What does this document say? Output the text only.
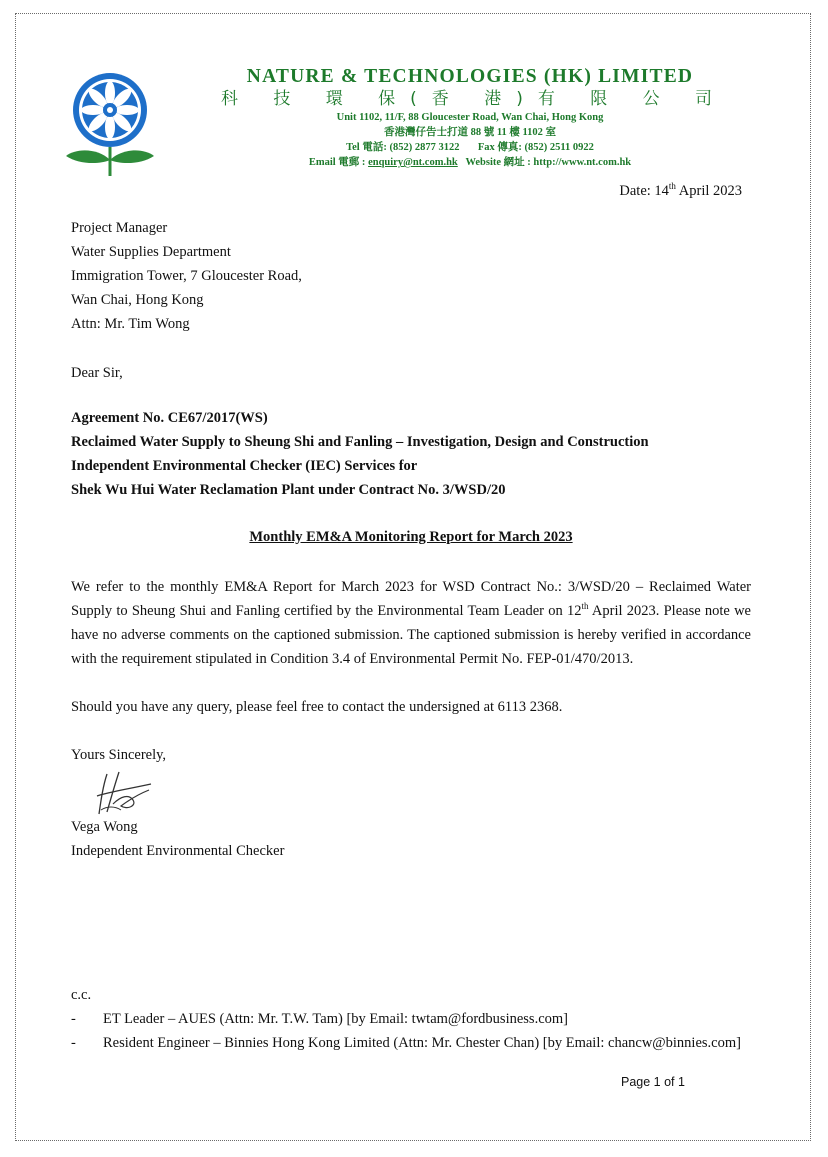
NATURE & TECHNOLOGIES (HK) LIMITED
科 技 環 保(香 港)有 限 公 司
Unit 1102, 11/F, 88 Gloucester Road, Wan Chai, Hong Kong
香港灣仔告士打道 88 號 11 樓 1102 室
Tel 電話: (852) 2877 3122 Fax 傳真: (852) 2511 0922
Email 電郵 : enquiry@nt.com.hk Website 網址 : http://www.nt.com.hk
Date: 14th April 2023
Project Manager
Water Supplies Department
Immigration Tower, 7 Gloucester Road,
Wan Chai, Hong Kong
Attn: Mr. Tim Wong
Dear Sir,
Agreement No. CE67/2017(WS)
Reclaimed Water Supply to Sheung Shi and Fanling – Investigation, Design and Construction
Independent Environmental Checker (IEC) Services for
Shek Wu Hui Water Reclamation Plant under Contract No. 3/WSD/20
Monthly EM&A Monitoring Report for March 2023
We refer to the monthly EM&A Report for March 2023 for WSD Contract No.: 3/WSD/20 – Reclaimed Water Supply to Sheung Shui and Fanling certified by the Environmental Team Leader on 12th April 2023. Please note we have no adverse comments on the captioned submission. The captioned submission is hereby verified in accordance with the requirement stipulated in Condition 3.4 of Environmental Permit No. FEP-01/470/2013.
Should you have any query, please feel free to contact the undersigned at 6113 2368.
Yours Sincerely,
Vega Wong
Independent Environmental Checker
c.c.
- ET Leader – AUES (Attn: Mr. T.W. Tam) [by Email: twtam@fordbusiness.com]
- Resident Engineer – Binnies Hong Kong Limited (Attn: Mr. Chester Chan) [by Email: chancw@binnies.com]
Page 1 of 1
